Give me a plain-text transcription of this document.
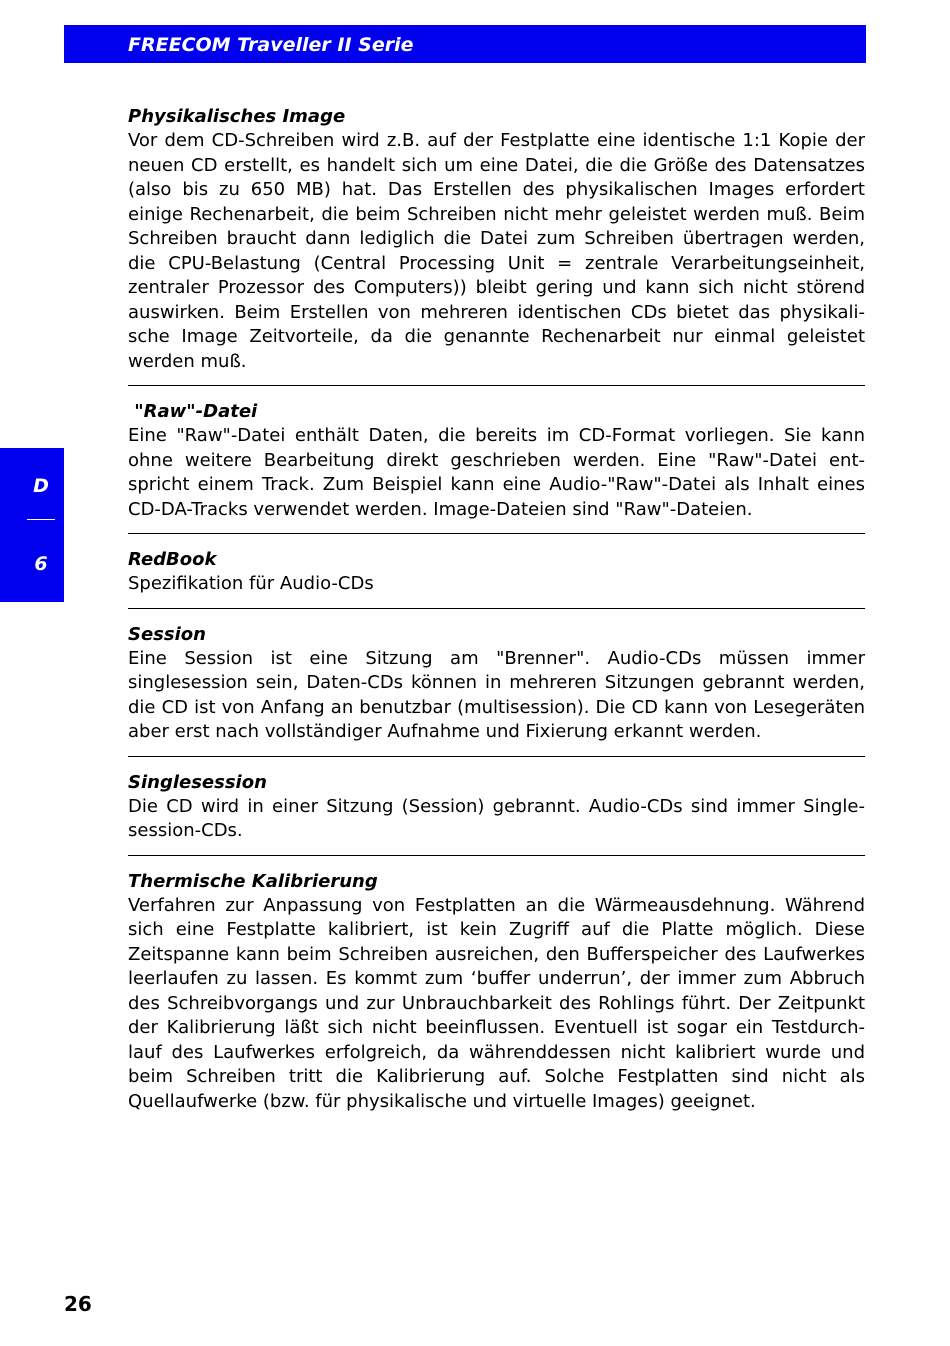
FREECOM Traveller II Serie
D
6

Physikalisches Image

Vor dem CD-Schreiben wird z.B. auf der Festplatte eine identische 1:1 Kopie der neuen CD erstellt, es handelt sich um eine Datei, die die Größe des Datensatzes (also bis zu 650 MB) hat. Das Erstellen des physikalischen Images erfordert einige Rechenarbeit, die beim Schreiben nicht mehr geleistet werden muß. Beim Schreiben braucht dann lediglich die Datei zum Schreiben übertragen werden, die CPU-Belastung (Central Processing Unit = zentrale Verarbeitungseinheit, zentraler Prozessor des Computers)) bleibt gering und kann sich nicht störend auswirken. Beim Erstellen von mehreren identischen CDs bietet das physikali-sche Image Zeitvorteile, da die genannte Rechenarbeit nur einmal geleistet werden muß.

"Raw"-Datei

Eine "Raw"-Datei enthält Daten, die bereits im CD-Format vorliegen. Sie kann ohne weitere Bearbeitung direkt geschrieben werden. Eine "Raw"-Datei ent-spricht einem Track. Zum Beispiel kann eine Audio-"Raw"-Datei als Inhalt eines CD-DA-Tracks verwendet werden. Image-Dateien sind "Raw"-Dateien.

RedBook

Spezifikation für Audio-CDs

Session

Eine Session ist eine Sitzung am "Brenner". Audio-CDs müssen immer singlesession sein, Daten-CDs können in mehreren Sitzungen gebrannt werden, die CD ist von Anfang an benutzbar (multisession). Die CD kann von Lesegeräten aber erst nach vollständiger Aufnahme und Fixierung erkannt werden.

Singlesession

Die CD wird in einer Sitzung (Session) gebrannt. Audio-CDs sind immer Single-session-CDs.

Thermische Kalibrierung

Verfahren zur Anpassung von Festplatten an die Wärmeausdehnung. Während sich eine Festplatte kalibriert, ist kein Zugriff auf die Platte möglich. Diese Zeitspanne kann beim Schreiben ausreichen, den Bufferspeicher des Laufwerkes leerlaufen zu lassen. Es kommt zum ‘buffer underrun’, der immer zum Abbruch des Schreibvorgangs und zur Unbrauchbarkeit des Rohlings führt. Der Zeitpunkt der Kalibrierung läßt sich nicht beeinflussen. Eventuell ist sogar ein Testdurch-lauf des Laufwerkes erfolgreich, da währenddessen nicht kalibriert wurde und beim Schreiben tritt die Kalibrierung auf. Solche Festplatten sind nicht als Quellaufwerke (bzw. für physikalische und virtuelle Images) geeignet.

26
